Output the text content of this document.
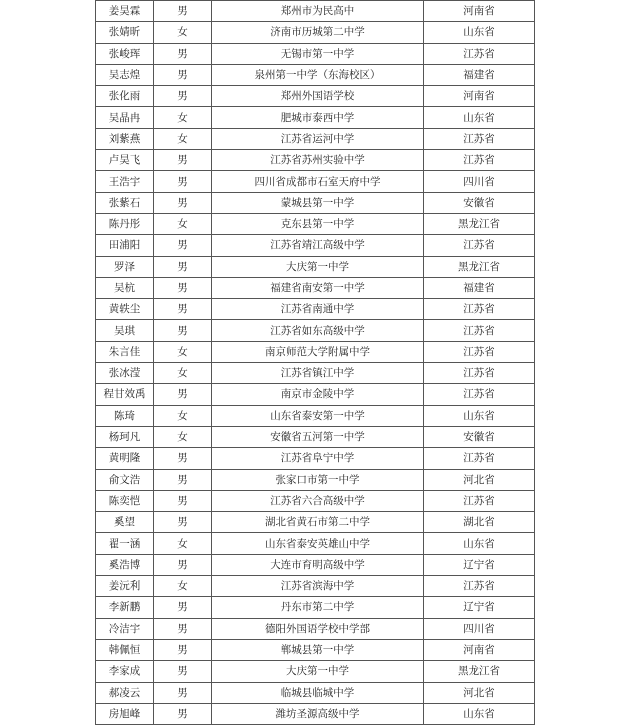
姜昊霖	男	郑州市为民高中	河南省
张婧昕	女	济南市历城第二中学	山东省
张峻珲	男	无锡市第一中学	江苏省
吴志煌	男	泉州第一中学（东海校区）	福建省
张化雨	男	郑州外国语学校	河南省
吴晶冉	女	肥城市泰西中学	山东省
刘紫燕	女	江苏省运河中学	江苏省
卢昊飞	男	江苏省苏州实验中学	江苏省
王浩宇	男	四川省成都市石室天府中学	四川省
张紫石	男	蒙城县第一中学	安徽省
陈丹彤	女	克东县第一中学	黑龙江省
田浦阳	男	江苏省靖江高级中学	江苏省
罗泽	男	大庆第一中学	黑龙江省
吴杭	男	福建省南安第一中学	福建省
黄轶尘	男	江苏省南通中学	江苏省
吴琪	男	江苏省如东高级中学	江苏省
朱言佳	女	南京师范大学附属中学	江苏省
张冰滢	女	江苏省镇江中学	江苏省
程甘效禹	男	南京市金陵中学	江苏省
陈琦	女	山东省泰安第一中学	山东省
杨珂凡	女	安徽省五河第一中学	安徽省
黄明隆	男	江苏省阜宁中学	江苏省
俞文浩	男	张家口市第一中学	河北省
陈奕恺	男	江苏省六合高级中学	江苏省
奚望	男	湖北省黄石市第二中学	湖北省
翟一涵	女	山东省泰安英雄山中学	山东省
奚浩博	男	大连市育明高级中学	辽宁省
姜沅利	女	江苏省滨海中学	江苏省
李新鹏	男	丹东市第二中学	辽宁省
冷洁宇	男	德阳外国语学校中学部	四川省
韩佩恒	男	郸城县第一中学	河南省
李家成	男	大庆第一中学	黑龙江省
郝凌云	男	临城县临城中学	河北省
房旭峰	男	潍坊圣源高级中学	山东省
